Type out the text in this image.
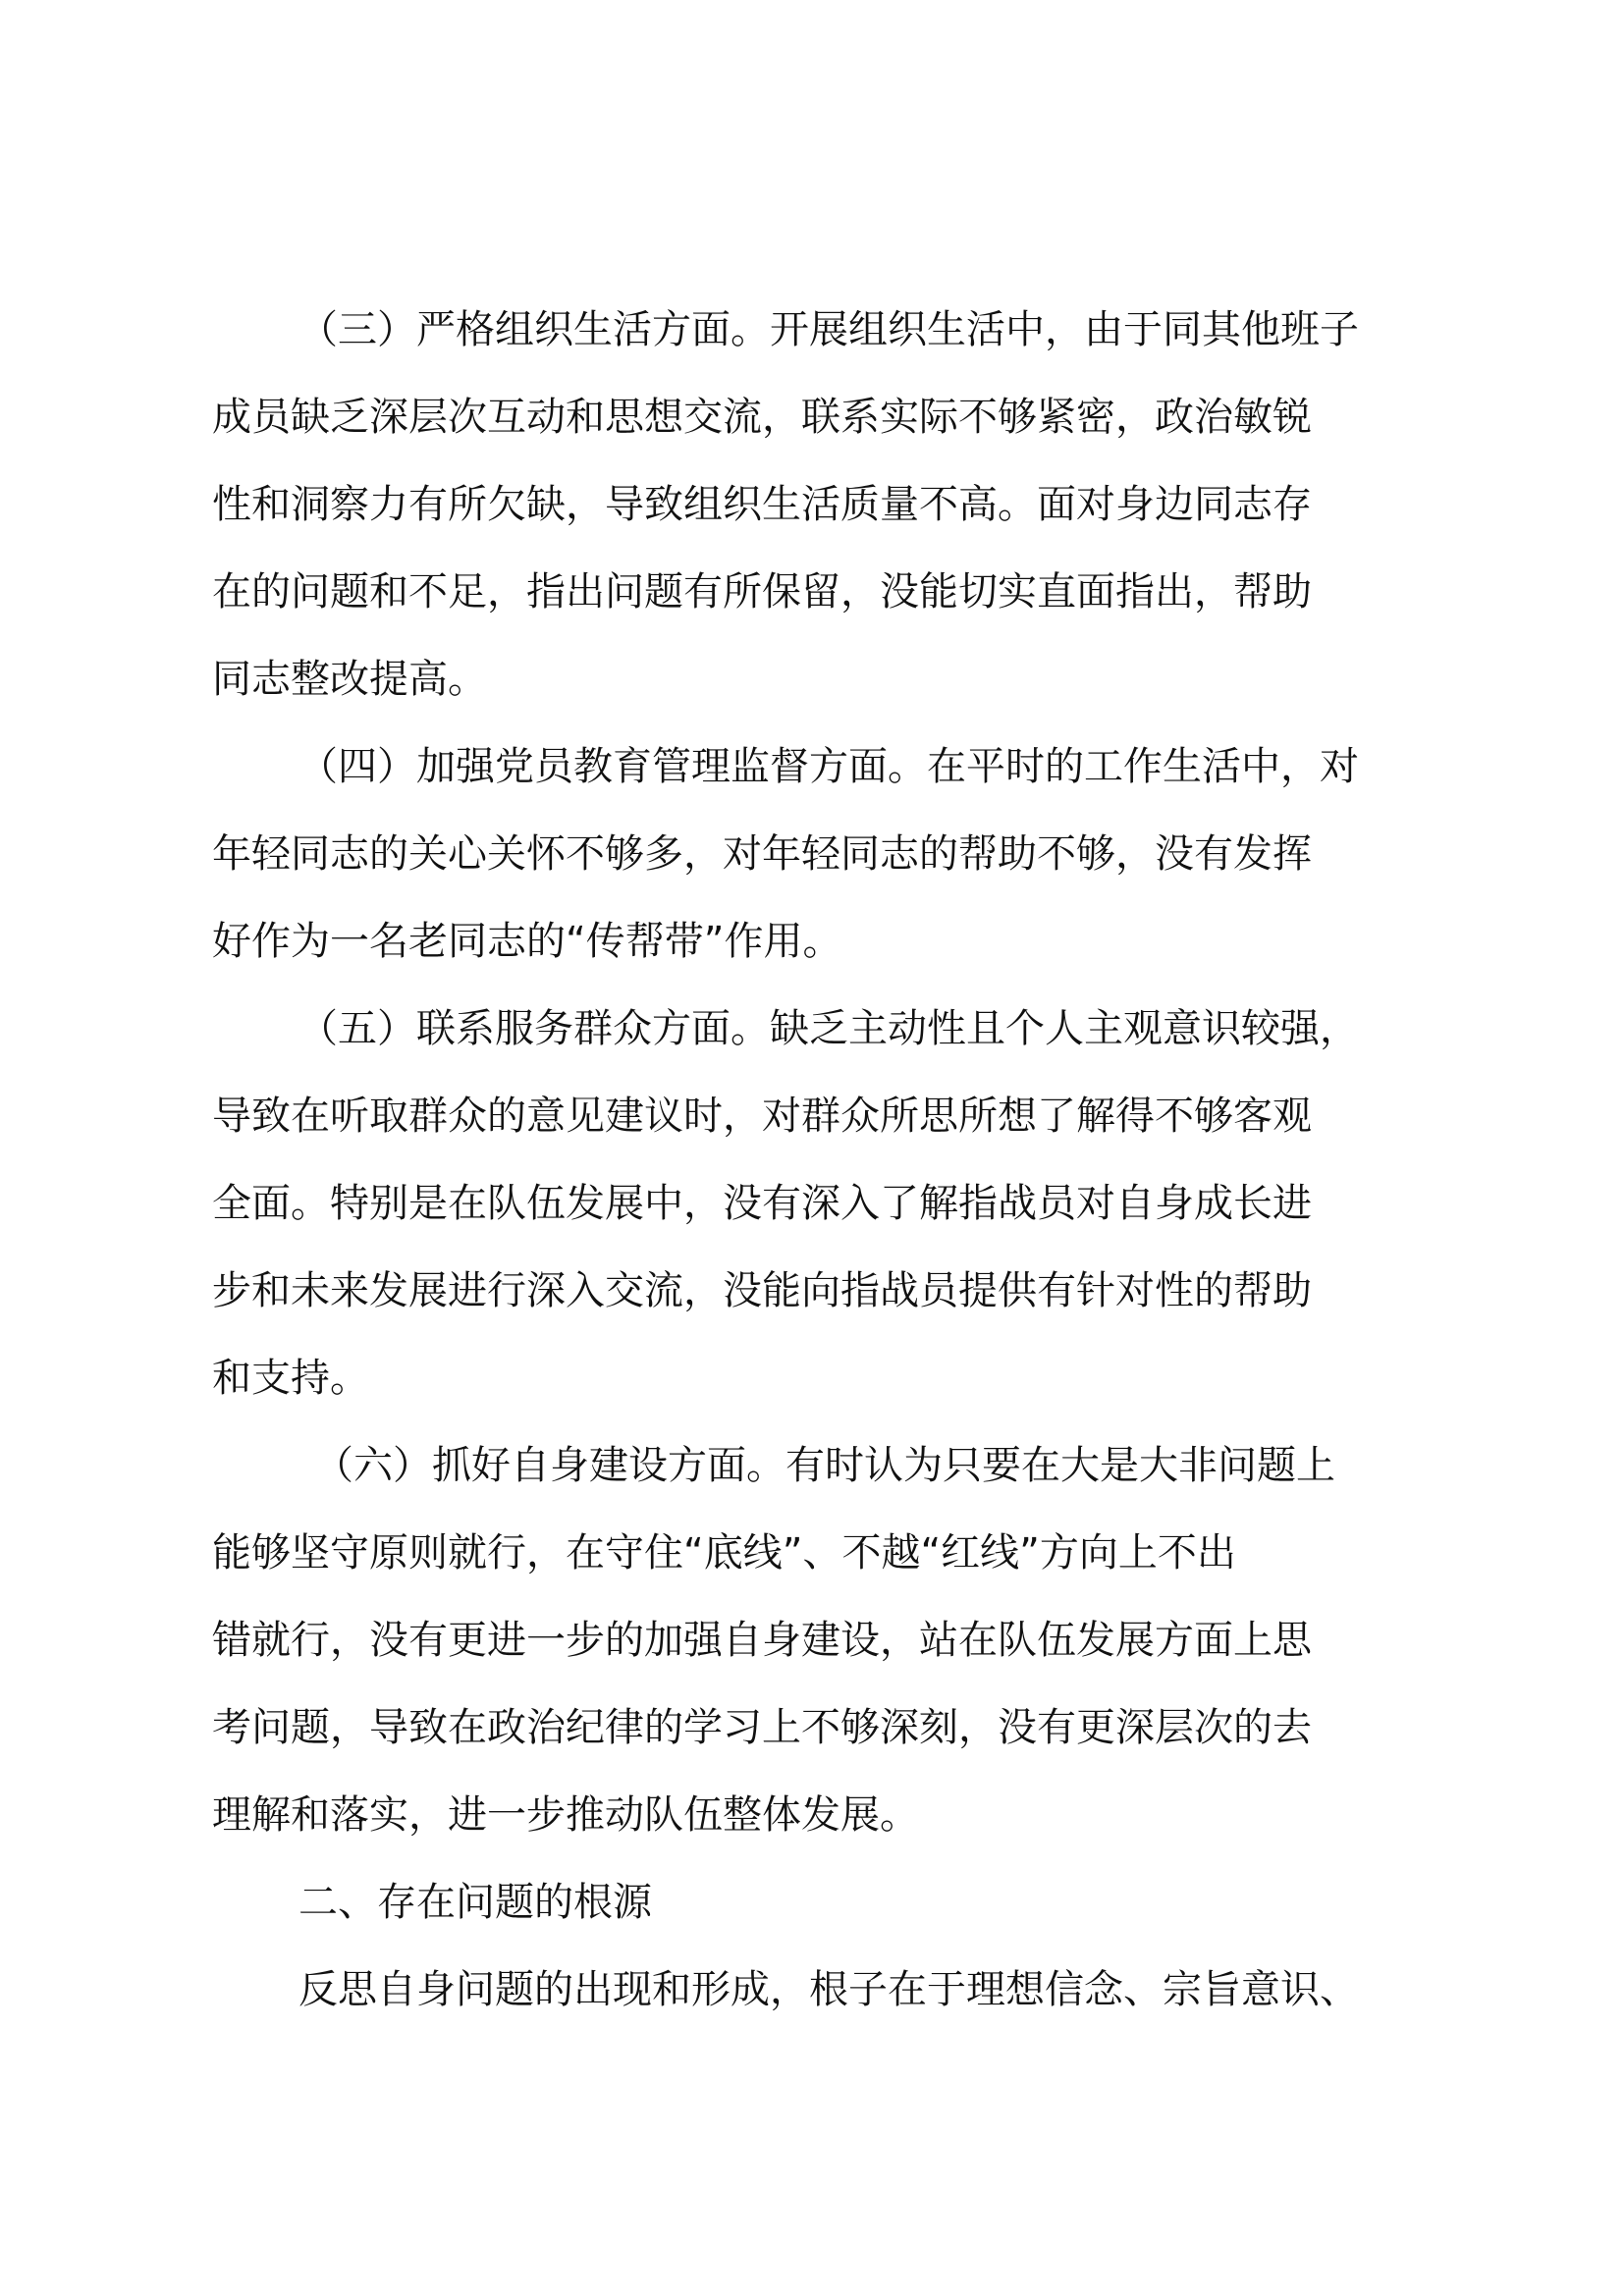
（三）严格组织生活方面。开展组织生活中，由于同其他班子
成员缺乏深层次互动和思想交流，联系实际不够紧密，政治敏锐
性和洞察力有所欠缺，导致组织生活质量不高。面对身边同志存
在的问题和不足，指出问题有所保留，没能切实直面指出，帮助
同志整改提高。
（四）加强党员教育管理监督方面。在平时的工作生活中，对
年轻同志的关心关怀不够多，对年轻同志的帮助不够，没有发挥
好作为一名老同志的“传帮带”作用。
（五）联系服务群众方面。缺乏主动性且个人主观意识较强，
导致在听取群众的意见建议时，对群众所思所想了解得不够客观
全面。特别是在队伍发展中，没有深入了解指战员对自身成长进
步和未来发展进行深入交流，没能向指战员提供有针对性的帮助
和支持。
（六）抓好自身建设方面。有时认为只要在大是大非问题上
能够坚守原则就行，在守住“底线”、不越“红线”方向上不出
错就行，没有更进一步的加强自身建设，站在队伍发展方面上思
考问题，导致在政治纪律的学习上不够深刻，没有更深层次的去
理解和落实，进一步推动队伍整体发展。
二、存在问题的根源
反思自身问题的出现和形成，根子在于理想信念、宗旨意识、
